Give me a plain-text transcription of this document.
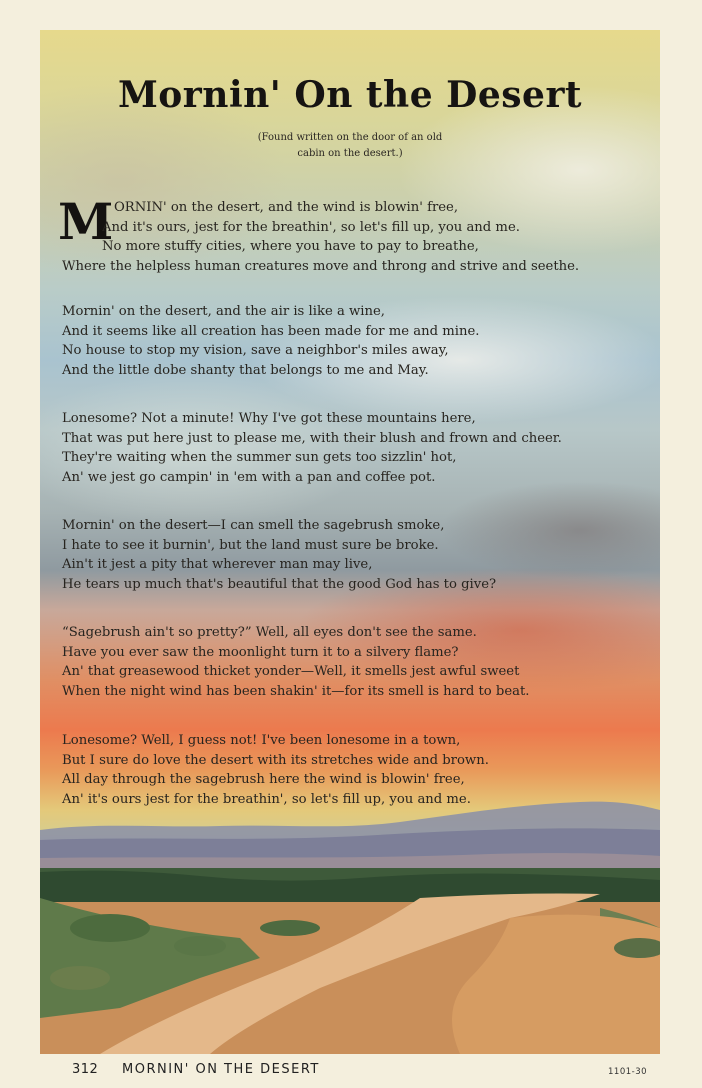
Mornin' On the Desert
(Found written on the door of an old
cabin on the desert.)
M ORNIN' on the desert, and the wind is blowin' free,
And it's ours, jest for the breathin', so let's fill up, you and me.
No more stuffy cities, where you have to pay to breathe,
Where the helpless human creatures move and throng and strive and seethe.
Mornin' on the desert, and the air is like a wine,
And it seems like all creation has been made for me and mine.
No house to stop my vision, save a neighbor's miles away,
And the little dobe shanty that belongs to me and May.
Lonesome? Not a minute! Why I've got these mountains here,
That was put here just to please me, with their blush and frown and cheer.
They're waiting when the summer sun gets too sizzlin' hot,
An' we jest go campin' in 'em with a pan and coffee pot.
Mornin' on the desert—I can smell the sagebrush smoke,
I hate to see it burnin', but the land must sure be broke.
Ain't it jest a pity that wherever man may live,
He tears up much that's beautiful that the good God has to give?
“Sagebrush ain't so pretty?” Well, all eyes don't see the same.
Have you ever saw the moonlight turn it to a silvery flame?
An' that greasewood thicket yonder—Well, it smells jest awful sweet
When the night wind has been shakin' it—for its smell is hard to beat.
Lonesome? Well, I guess not! I've been lonesome in a town,
But I sure do love the desert with its stretches wide and brown.
All day through the sagebrush here the wind is blowin' free,
An' it's ours jest for the breathin', so let's fill up, you and me.
312 MORNIN' ON THE DESERT	1101-30
